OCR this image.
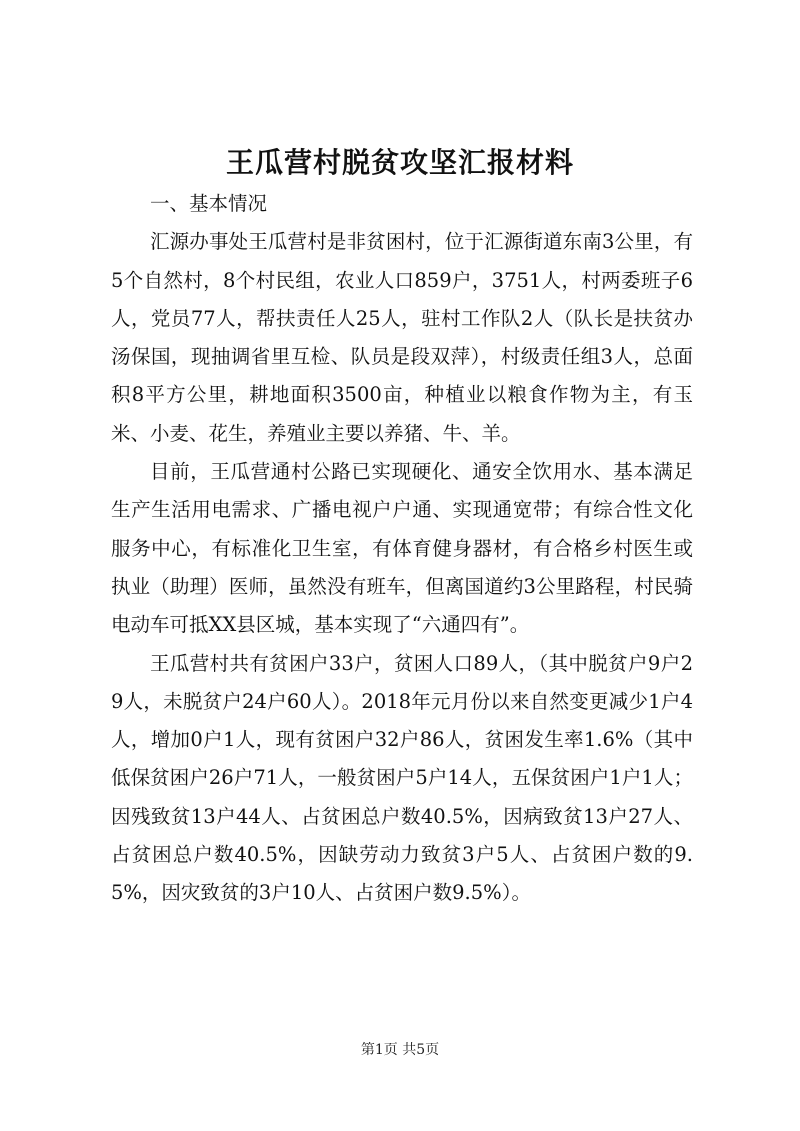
王瓜营村脱贫攻坚汇报材料

一、基本情况

汇源办事处王瓜营村是非贫困村，位于汇源街道东南3公里，有5个自然村，8个村民组，农业人口859户，3751人，村两委班子6人，党员77人，帮扶责任人25人，驻村工作队2人（队长是扶贫办汤保国，现抽调省里互检、队员是段双萍），村级责任组3人，总面积8平方公里，耕地面积3500亩，种植业以粮食作物为主，有玉米、小麦、花生，养殖业主要以养猪、牛、羊。

目前，王瓜营通村公路已实现硬化、通安全饮用水、基本满足生产生活用电需求、广播电视户户通、实现通宽带；有综合性文化服务中心，有标准化卫生室，有体育健身器材，有合格乡村医生或执业（助理）医师，虽然没有班车，但离国道约3公里路程，村民骑电动车可抵XX县区城，基本实现了“六通四有”。

王瓜营村共有贫困户33户，贫困人口89人，（其中脱贫户9户29人，未脱贫户24户60人）。2018年元月份以来自然变更减少1户4人，增加0户1人，现有贫困户32户86人，贫困发生率1.6%（其中低保贫困户26户71人，一般贫困户5户14人，五保贫困户1户1人；因残致贫13户44人、占贫困总户数40.5%，因病致贫13户27人、占贫困总户数40.5%，因缺劳动力致贫3户5人、占贫困户数的9.5%，因灾致贫的3户10人、占贫困户数9.5%）。

第1页 共5页
